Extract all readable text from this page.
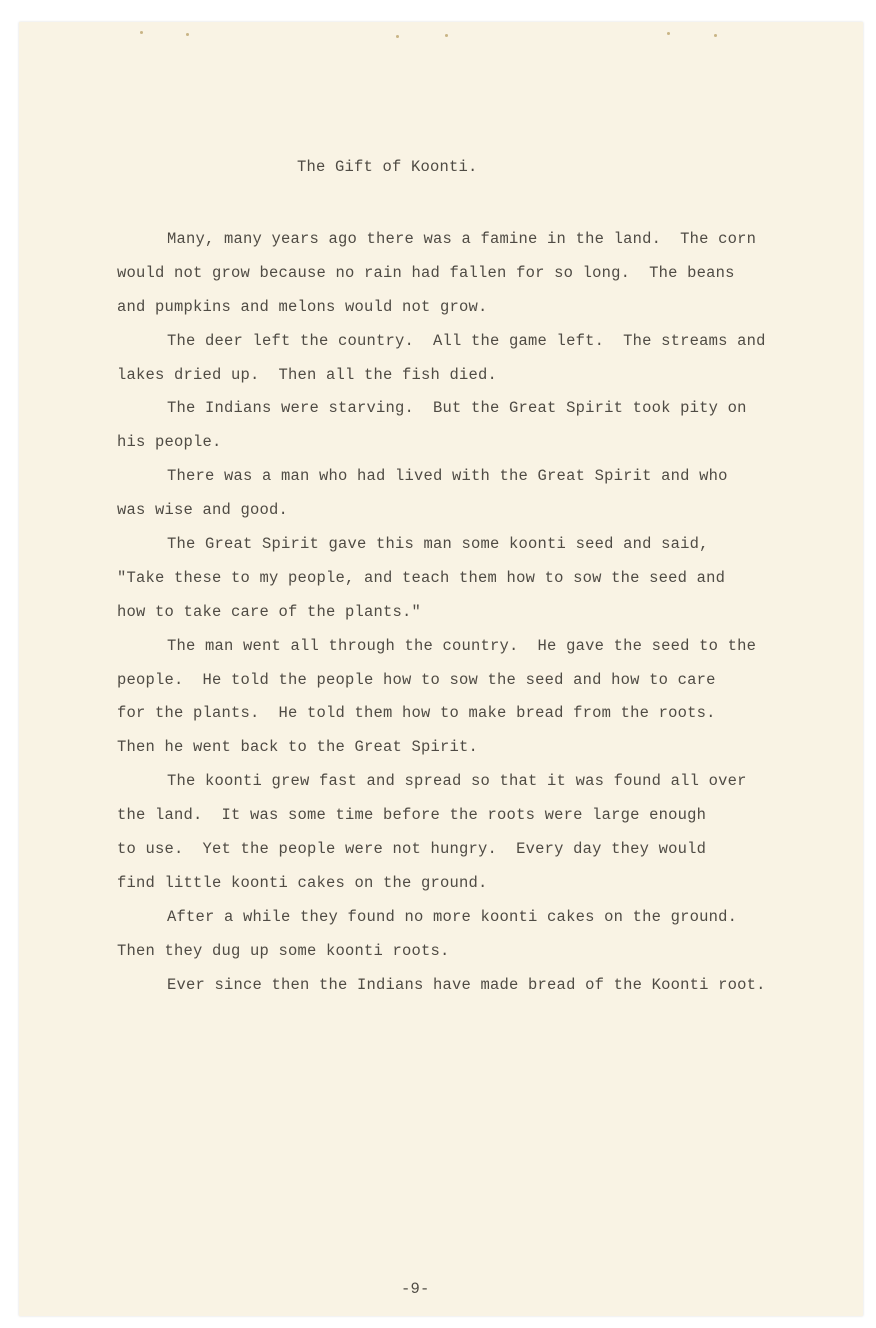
The Gift of Koonti.
Many, many years ago there was a famine in the land.  The corn
would not grow because no rain had fallen for so long.  The beans
and pumpkins and melons would not grow.
The deer left the country.  All the game left.  The streams and
lakes dried up.  Then all the fish died.
The Indians were starving.  But the Great Spirit took pity on
his people.
There was a man who had lived with the Great Spirit and who
was wise and good.
The Great Spirit gave this man some koonti seed and said,
"Take these to my people, and teach them how to sow the seed and
how to take care of the plants."
The man went all through the country.  He gave the seed to the
people.  He told the people how to sow the seed and how to care
for the plants.  He told them how to make bread from the roots.
Then he went back to the Great Spirit.
The koonti grew fast and spread so that it was found all over
the land.  It was some time before the roots were large enough
to use.  Yet the people were not hungry.  Every day they would
find little koonti cakes on the ground.
After a while they found no more koonti cakes on the ground.
Then they dug up some koonti roots.
Ever since then the Indians have made bread of the Koonti root.
-9-
